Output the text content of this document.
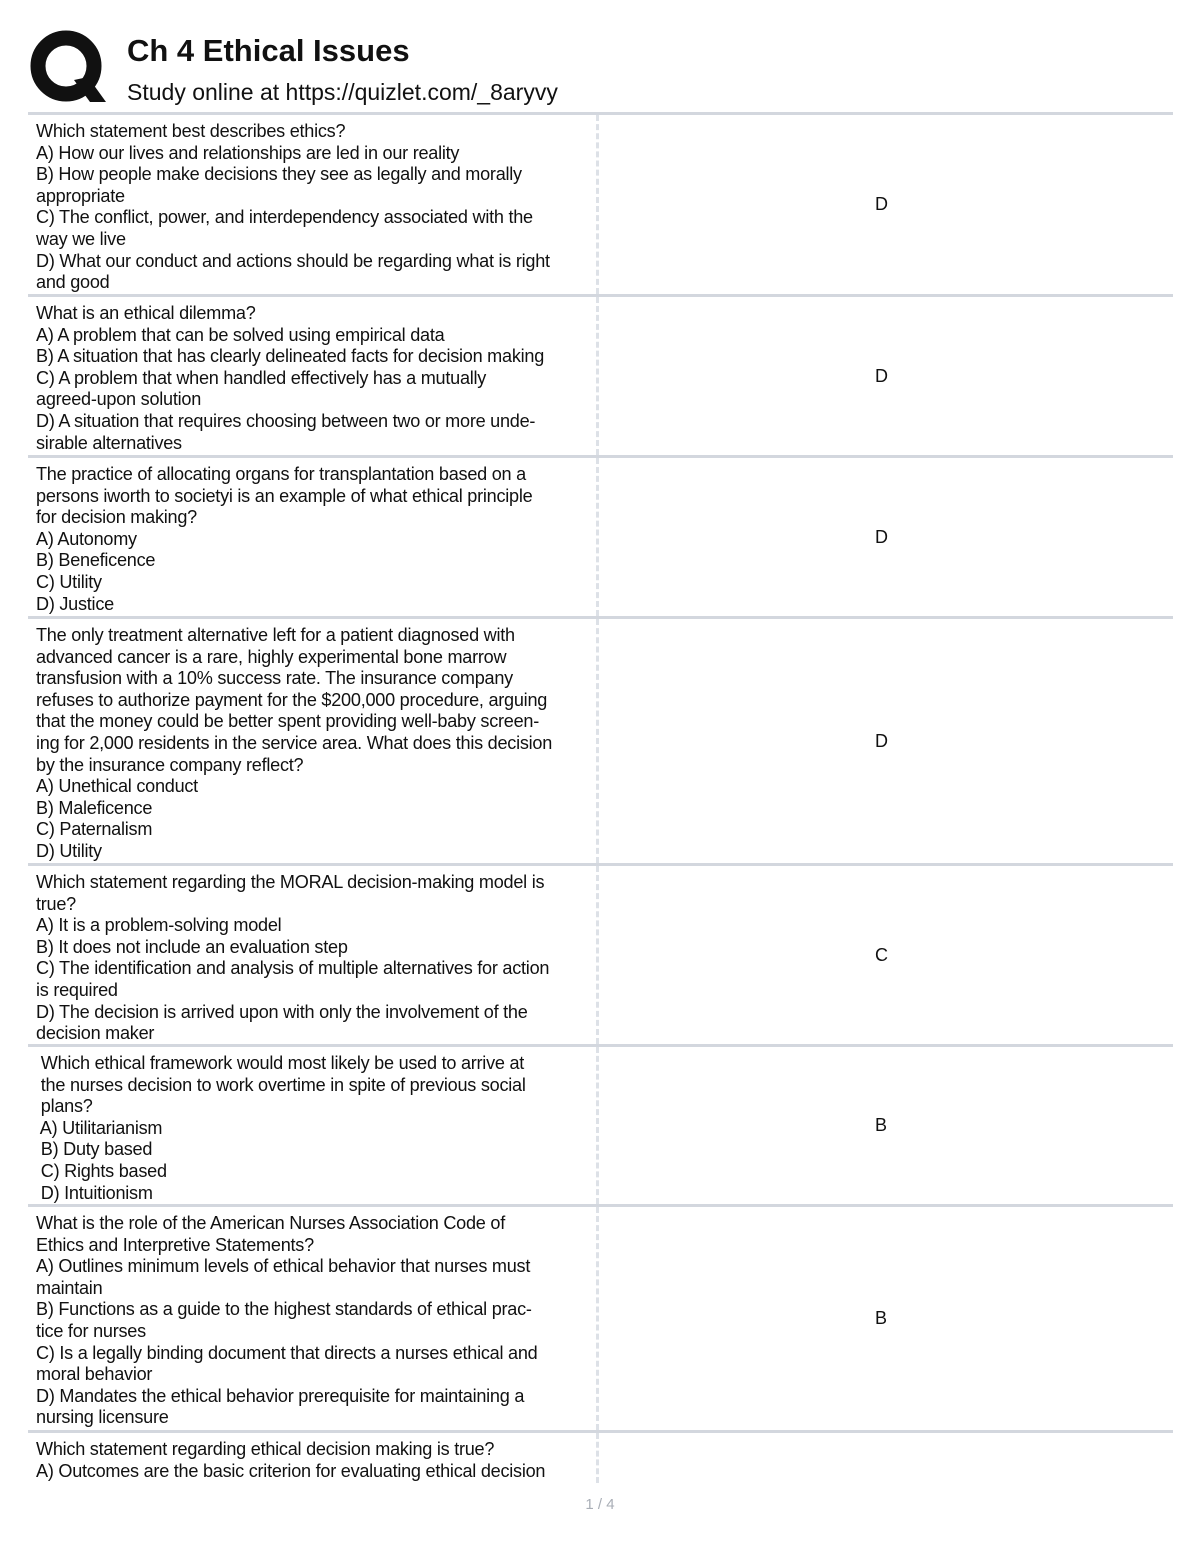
Ch 4 Ethical Issues
Study online at https://quizlet.com/_8aryvy
Which statement best describes ethics?
A) How our lives and relationships are led in our reality
B) How people make decisions they see as legally and morally
appropriate
C) The conflict, power, and interdependency associated with the
way we live
D) What our conduct and actions should be regarding what is right
and good
D
What is an ethical dilemma?
A) A problem that can be solved using empirical data
B) A situation that has clearly delineated facts for decision making
C) A problem that when handled effectively has a mutually
agreed-upon solution
D) A situation that requires choosing between two or more unde-
sirable alternatives
D
The practice of allocating organs for transplantation based on a
persons iworth to societyi is an example of what ethical principle
for decision making?
A) Autonomy
B) Beneficence
C) Utility
D) Justice
D
The only treatment alternative left for a patient diagnosed with
advanced cancer is a rare, highly experimental bone marrow
transfusion with a 10% success rate. The insurance company
refuses to authorize payment for the $200,000 procedure, arguing
that the money could be better spent providing well-baby screen-
ing for 2,000 residents in the service area. What does this decision
by the insurance company reflect?
A) Unethical conduct
B) Maleficence
C) Paternalism
D) Utility
D
Which statement regarding the MORAL decision-making model is
true?
A) It is a problem-solving model
B) It does not include an evaluation step
C) The identification and analysis of multiple alternatives for action
is required
D) The decision is arrived upon with only the involvement of the
decision maker
C
Which ethical framework would most likely be used to arrive at
the nurses decision to work overtime in spite of previous social
plans?
A) Utilitarianism
B) Duty based
C) Rights based
D) Intuitionism
B
What is the role of the American Nurses Association Code of
Ethics and Interpretive Statements?
A) Outlines minimum levels of ethical behavior that nurses must
maintain
B) Functions as a guide to the highest standards of ethical prac-
tice for nurses
C) Is a legally binding document that directs a nurses ethical and
moral behavior
D) Mandates the ethical behavior prerequisite for maintaining a
nursing licensure
B
Which statement regarding ethical decision making is true?
A) Outcomes are the basic criterion for evaluating ethical decision
1 / 4
